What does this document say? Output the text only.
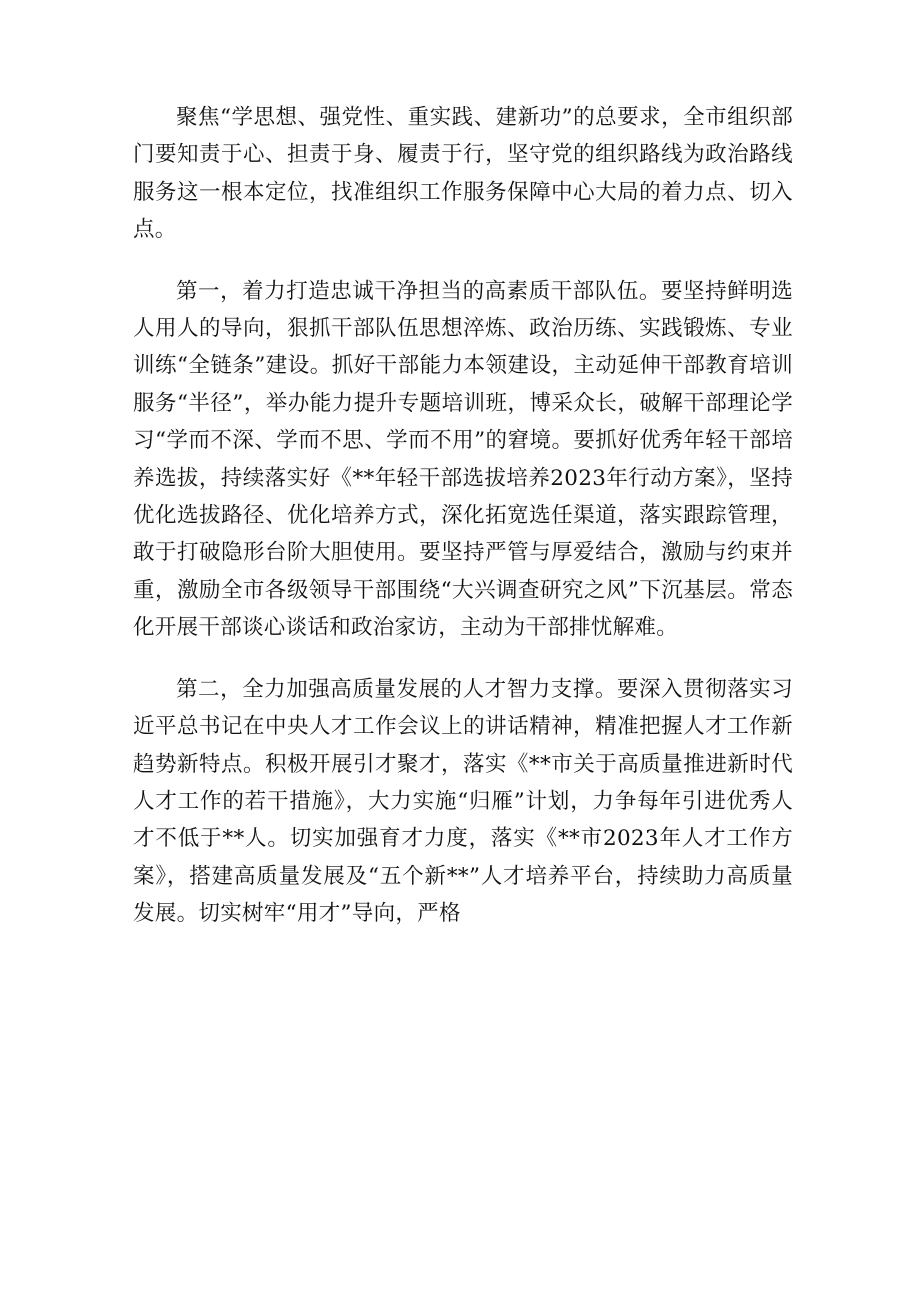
聚焦“学思想、强党性、重实践、建新功”的总要求，全市组织部门要知责于心、担责于身、履责于行，坚守党的组织路线为政治路线服务这一根本定位，找准组织工作服务保障中心大局的着力点、切入点。

第一，着力打造忠诚干净担当的高素质干部队伍。要坚持鲜明选人用人的导向，狠抓干部队伍思想淬炼、政治历练、实践锻炼、专业训练“全链条”建设。抓好干部能力本领建设，主动延伸干部教育培训服务“半径”，举办能力提升专题培训班，博采众长，破解干部理论学习“学而不深、学而不思、学而不用”的窘境。要抓好优秀年轻干部培养选拔，持续落实好《**年轻干部选拔培养2023年行动方案》，坚持优化选拔路径、优化培养方式，深化拓宽选任渠道，落实跟踪管理，敢于打破隐形台阶大胆使用。要坚持严管与厚爱结合，激励与约束并重，激励全市各级领导干部围绕“大兴调查研究之风”下沉基层。常态化开展干部谈心谈话和政治家访，主动为干部排忧解难。

第二，全力加强高质量发展的人才智力支撑。要深入贯彻落实习近平总书记在中央人才工作会议上的讲话精神，精准把握人才工作新趋势新特点。积极开展引才聚才，落实《**市关于高质量推进新时代人才工作的若干措施》，大力实施“归雁”计划，力争每年引进优秀人才不低于**人。切实加强育才力度，落实《**市2023年人才工作方案》，搭建高质量发展及“五个新**”人才培养平台，持续助力高质量发展。切实树牢“用才”导向，严格
